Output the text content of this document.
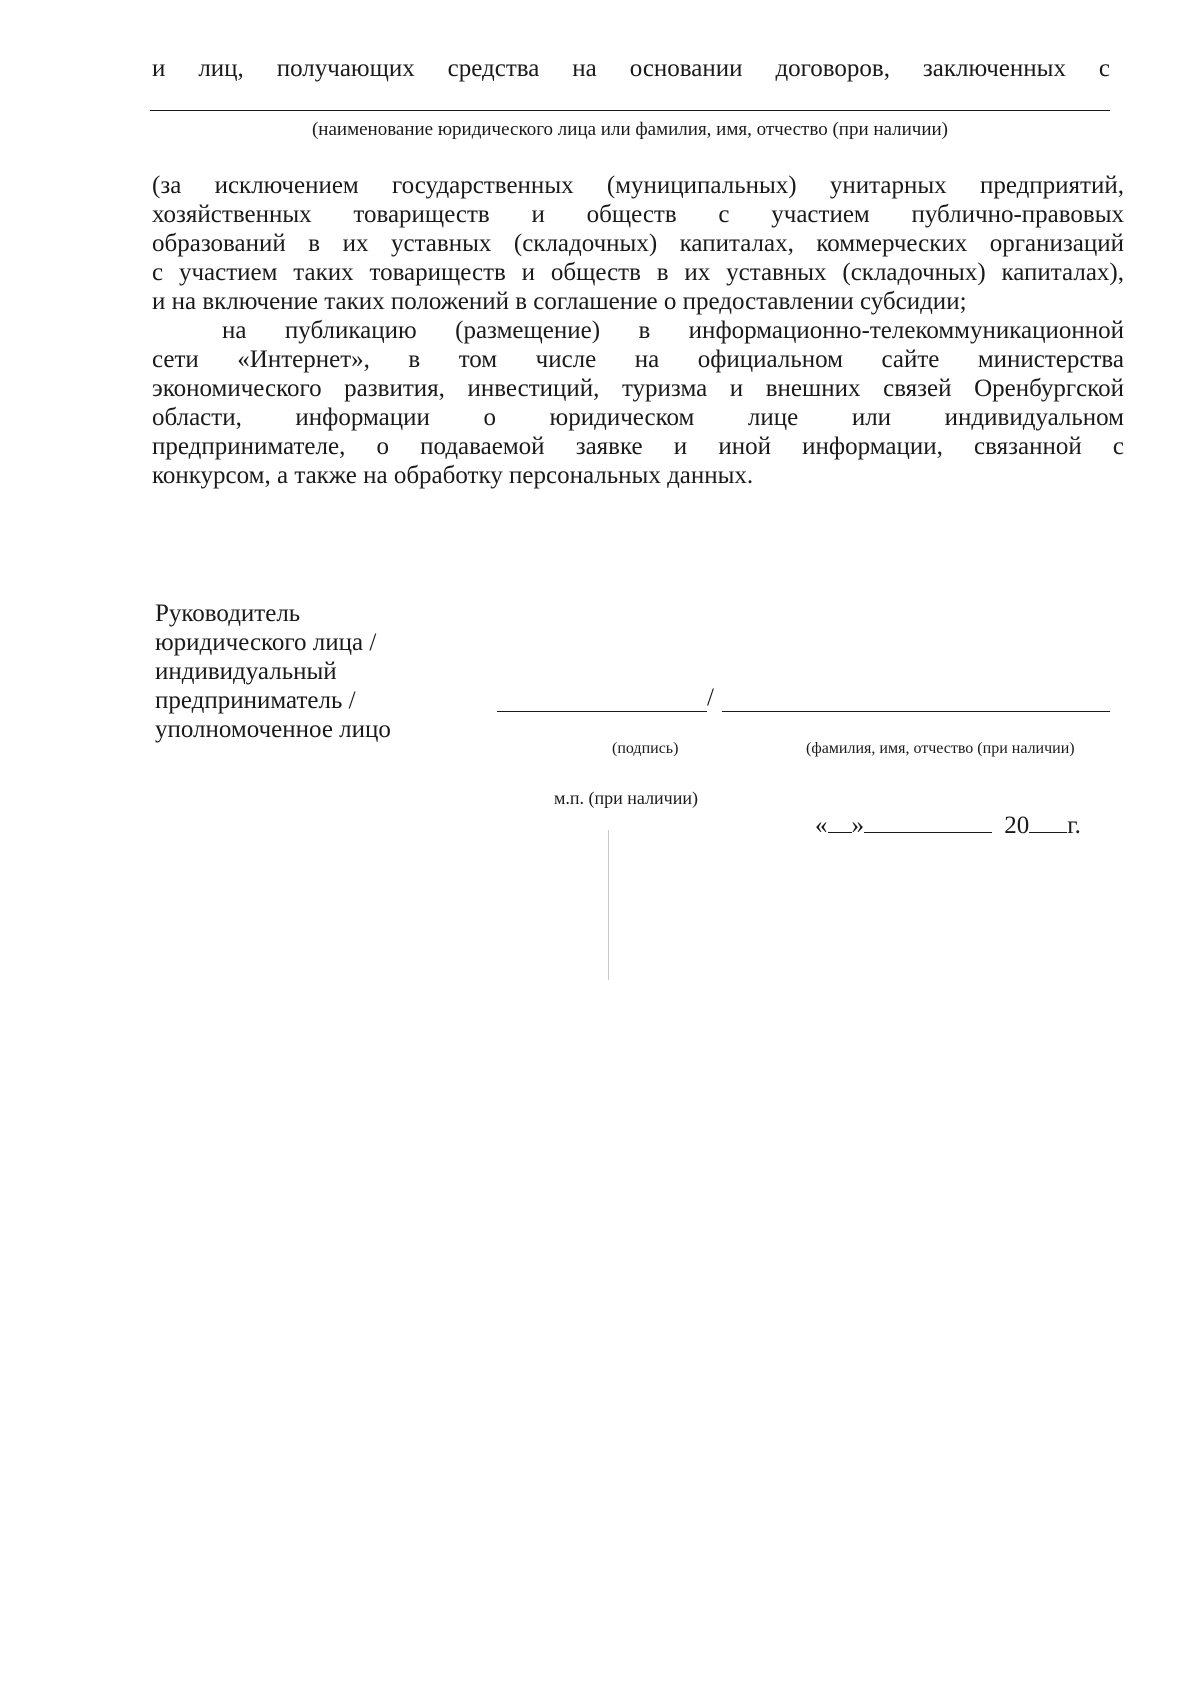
и лиц, получающих средства на основании договоров, заключенных с
(наименование юридического лица или фамилия, имя, отчество (при наличии)
(за исключением государственных (муниципальных) унитарных предприятий,
хозяйственных товариществ и обществ с участием публично-правовых
образований в их уставных (складочных) капиталах, коммерческих организаций
с участием таких товариществ и обществ в их уставных (складочных) капиталах),
и на включение таких положений в соглашение о предоставлении субсидии;
на публикацию (размещение) в информационно-телекоммуникационной
сети «Интернет», в том числе на официальном сайте министерства
экономического развития, инвестиций, туризма и внешних связей Оренбургской
области, информации о юридическом лице или индивидуальном
предпринимателе, о подаваемой заявке и иной информации, связанной с
конкурсом, а также на обработку персональных данных.
Руководитель
юридического лица /
индивидуальный
предприниматель /
уполномоченное лицо
/
(подпись)	(фамилия, имя, отчество (при наличии)
м.п. (при наличии)
« »	20 г.
